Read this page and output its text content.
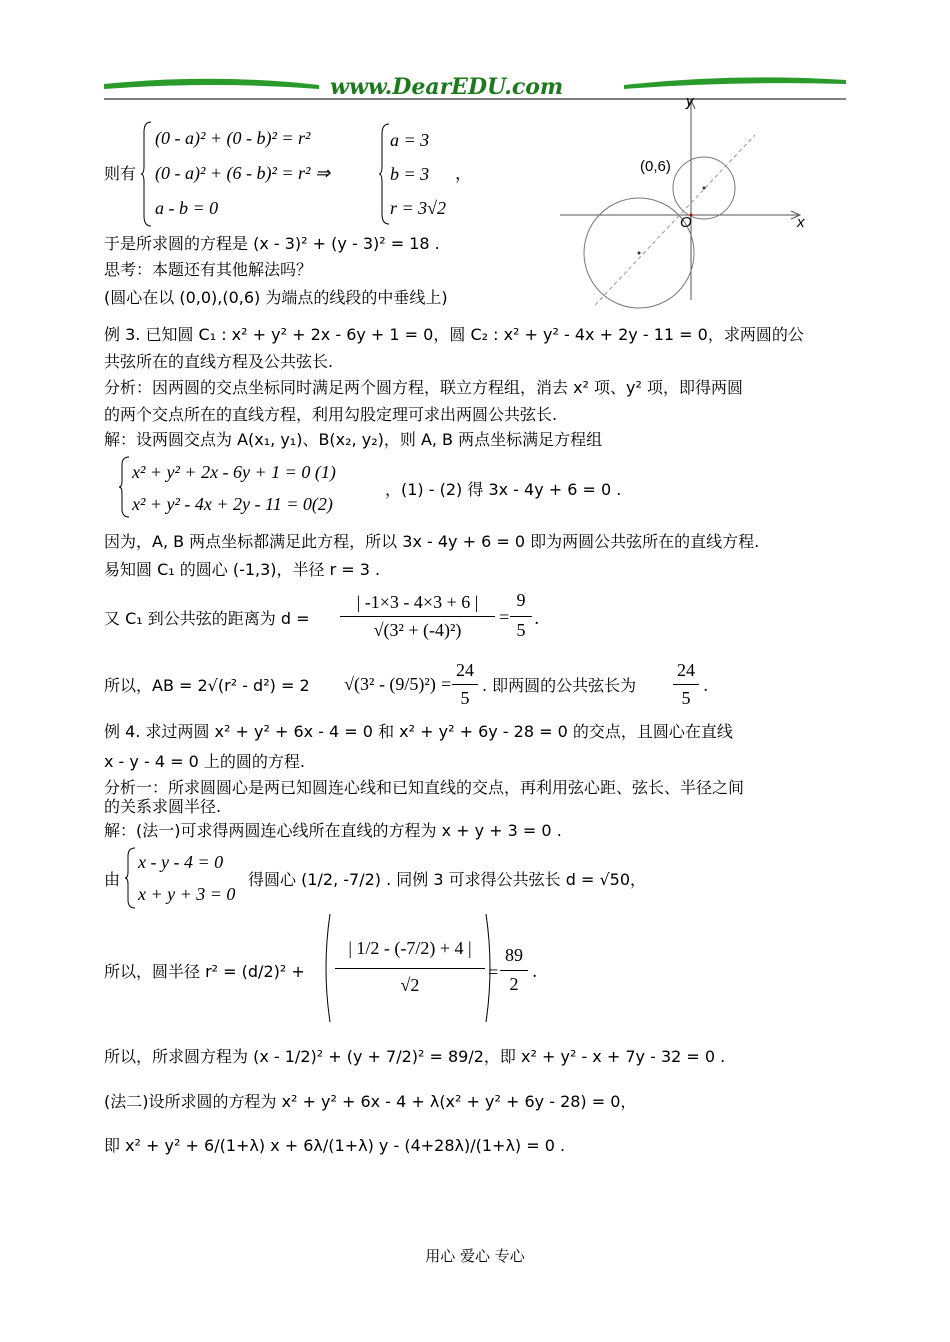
www.DearEDU.com
(0,6)
O	x
y
则有
(0 - a)² + (0 - b)² = r²
(0 - a)² + (6 - b)² = r² ⇒
a - b = 0
a = 3
b = 3
r = 3√2
，
于是所求圆的方程是 (x - 3)² + (y - 3)² = 18 .
思考：本题还有其他解法吗？
(圆心在以 (0,0),(0,6) 为端点的线段的中垂线上)
例 3. 已知圆 C₁ : x² + y² + 2x - 6y + 1 = 0，圆 C₂ : x² + y² - 4x + 2y - 11 = 0，求两圆的公
共弦所在的直线方程及公共弦长.
分析：因两圆的交点坐标同时满足两个圆方程，联立方程组，消去 x² 项、y² 项，即得两圆
的两个交点所在的直线方程，利用勾股定理可求出两圆公共弦长.
解：设两圆交点为 A(x₁, y₁)、B(x₂, y₂)，则 A, B 两点坐标满足方程组
x² + y² + 2x - 6y + 1 = 0 (1)
x² + y² - 4x + 2y - 11 = 0(2)
，(1) - (2) 得 3x - 4y + 6 = 0 .
因为，A, B 两点坐标都满足此方程，所以 3x - 4y + 6 = 0 即为两圆公共弦所在的直线方程.
易知圆 C₁ 的圆心 (-1,3)，半径 r = 3 .
又 C₁ 到公共弦的距离为 d =
| -1×3 - 4×3 + 6 |
√(3² + (-4)²)
=
9
5
.
所以，AB = 2√(r² - d²) = 2	√(3² - (9/5)²) =
24
5
. 即两圆的公共弦长为
24
5
.
例 4. 求过两圆 x² + y² + 6x - 4 = 0 和 x² + y² + 6y - 28 = 0 的交点，且圆心在直线
x - y - 4 = 0 上的圆的方程.
分析一：所求圆圆心是两已知圆连心线和已知直线的交点，再利用弦心距、弦长、半径之间
的关系求圆半径.
解：(法一)可求得两圆连心线所在直线的方程为 x + y + 3 = 0 .
由
x - y - 4 = 0
x + y + 3 = 0
得圆心 (1/2, -7/2) . 同例 3 可求得公共弦长 d = √50，
所以，圆半径 r² = (d/2)² +
| 1/2 - (-7/2) + 4 |
√2
=
89
2
.
所以，所求圆方程为 (x - 1/2)² + (y + 7/2)² = 89/2，即 x² + y² - x + 7y - 32 = 0 .
(法二)设所求圆的方程为 x² + y² + 6x - 4 + λ(x² + y² + 6y - 28) = 0，
即 x² + y² + 6/(1+λ) x + 6λ/(1+λ) y - (4+28λ)/(1+λ) = 0 .
用心 爱心 专心
